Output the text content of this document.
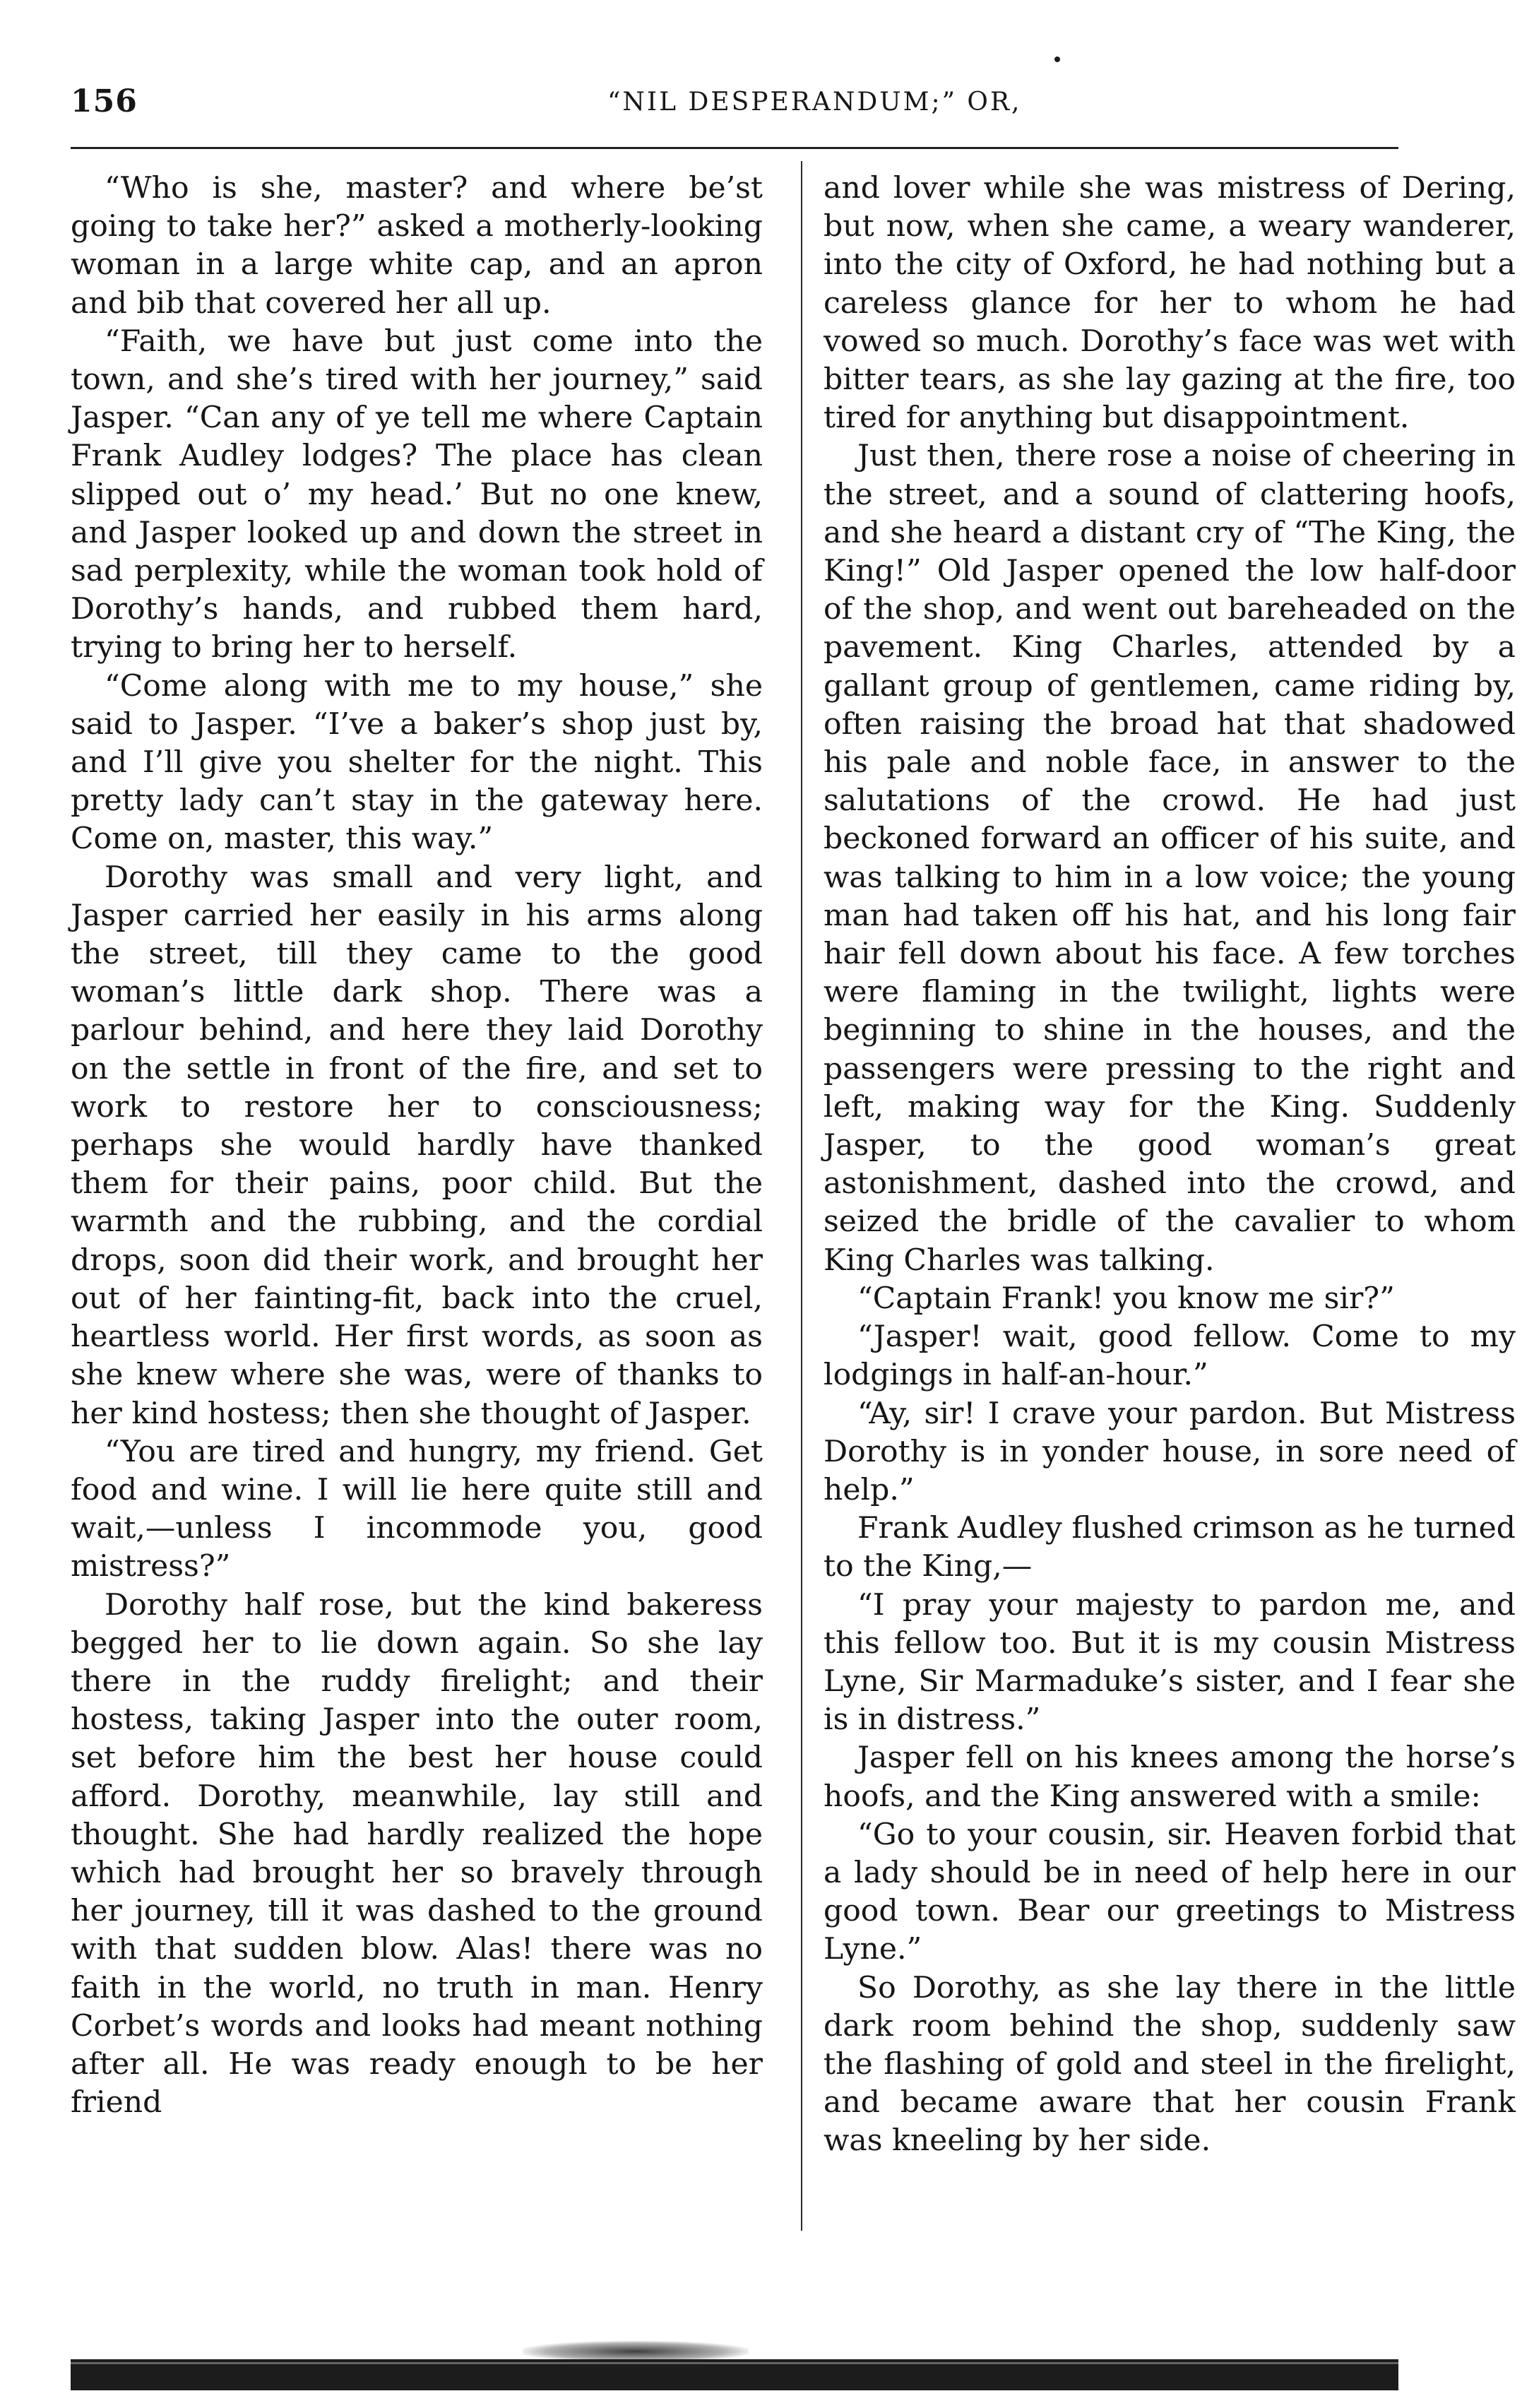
156	“NIL DESPERANDUM;” OR,

“Who is she, master? and where be’st going to take her?” asked a motherly-looking woman in a large white cap, and an apron and bib that covered her all up.

“Faith, we have but just come into the town, and she’s tired with her journey,” said Jasper. “Can any of ye tell me where Captain Frank Audley lodges? The place has clean slipped out o’ my head.’ But no one knew, and Jasper looked up and down the street in sad perplexity, while the woman took hold of Dorothy’s hands, and rubbed them hard, trying to bring her to herself.

“Come along with me to my house,” she said to Jasper. “I’ve a baker’s shop just by, and I’ll give you shelter for the night. This pretty lady can’t stay in the gateway here. Come on, master, this way.”

Dorothy was small and very light, and Jasper carried her easily in his arms along the street, till they came to the good woman’s little dark shop. There was a parlour behind, and here they laid Dorothy on the settle in front of the fire, and set to work to restore her to consciousness; perhaps she would hardly have thanked them for their pains, poor child. But the warmth and the rubbing, and the cordial drops, soon did their work, and brought her out of her fainting-fit, back into the cruel, heartless world. Her first words, as soon as she knew where she was, were of thanks to her kind hostess; then she thought of Jasper.

“You are tired and hungry, my friend. Get food and wine. I will lie here quite still and wait,—unless I incommode you, good mistress?”

Dorothy half rose, but the kind bakeress begged her to lie down again. So she lay there in the ruddy firelight; and their hostess, taking Jasper into the outer room, set before him the best her house could afford. Dorothy, meanwhile, lay still and thought. She had hardly realized the hope which had brought her so bravely through her journey, till it was dashed to the ground with that sudden blow. Alas! there was no faith in the world, no truth in man. Henry Corbet’s words and looks had meant nothing after all. He was ready enough to be her friend

and lover while she was mistress of Dering, but now, when she came, a weary wanderer, into the city of Oxford, he had nothing but a careless glance for her to whom he had vowed so much. Dorothy’s face was wet with bitter tears, as she lay gazing at the fire, too tired for anything but disappointment.

Just then, there rose a noise of cheering in the street, and a sound of clattering hoofs, and she heard a distant cry of “The King, the King!” Old Jasper opened the low half-door of the shop, and went out bareheaded on the pavement. King Charles, attended by a gallant group of gentlemen, came riding by, often raising the broad hat that shadowed his pale and noble face, in answer to the salutations of the crowd. He had just beckoned forward an officer of his suite, and was talking to him in a low voice; the young man had taken off his hat, and his long fair hair fell down about his face. A few torches were flaming in the twilight, lights were beginning to shine in the houses, and the passengers were pressing to the right and left, making way for the King. Suddenly Jasper, to the good woman’s great astonishment, dashed into the crowd, and seized the bridle of the cavalier to whom King Charles was talking.

“Captain Frank! you know me sir?”

“Jasper! wait, good fellow. Come to my lodgings in half-an-hour.”

“Ay, sir! I crave your pardon. But Mistress Dorothy is in yonder house, in sore need of help.”

Frank Audley flushed crimson as he turned to the King,—

“I pray your majesty to pardon me, and this fellow too. But it is my cousin Mistress Lyne, Sir Marmaduke’s sister, and I fear she is in distress.”

Jasper fell on his knees among the horse’s hoofs, and the King answered with a smile:

“Go to your cousin, sir. Heaven forbid that a lady should be in need of help here in our good town. Bear our greetings to Mistress Lyne.”

So Dorothy, as she lay there in the little dark room behind the shop, suddenly saw the flashing of gold and steel in the firelight, and became aware that her cousin Frank was kneeling by her side.
